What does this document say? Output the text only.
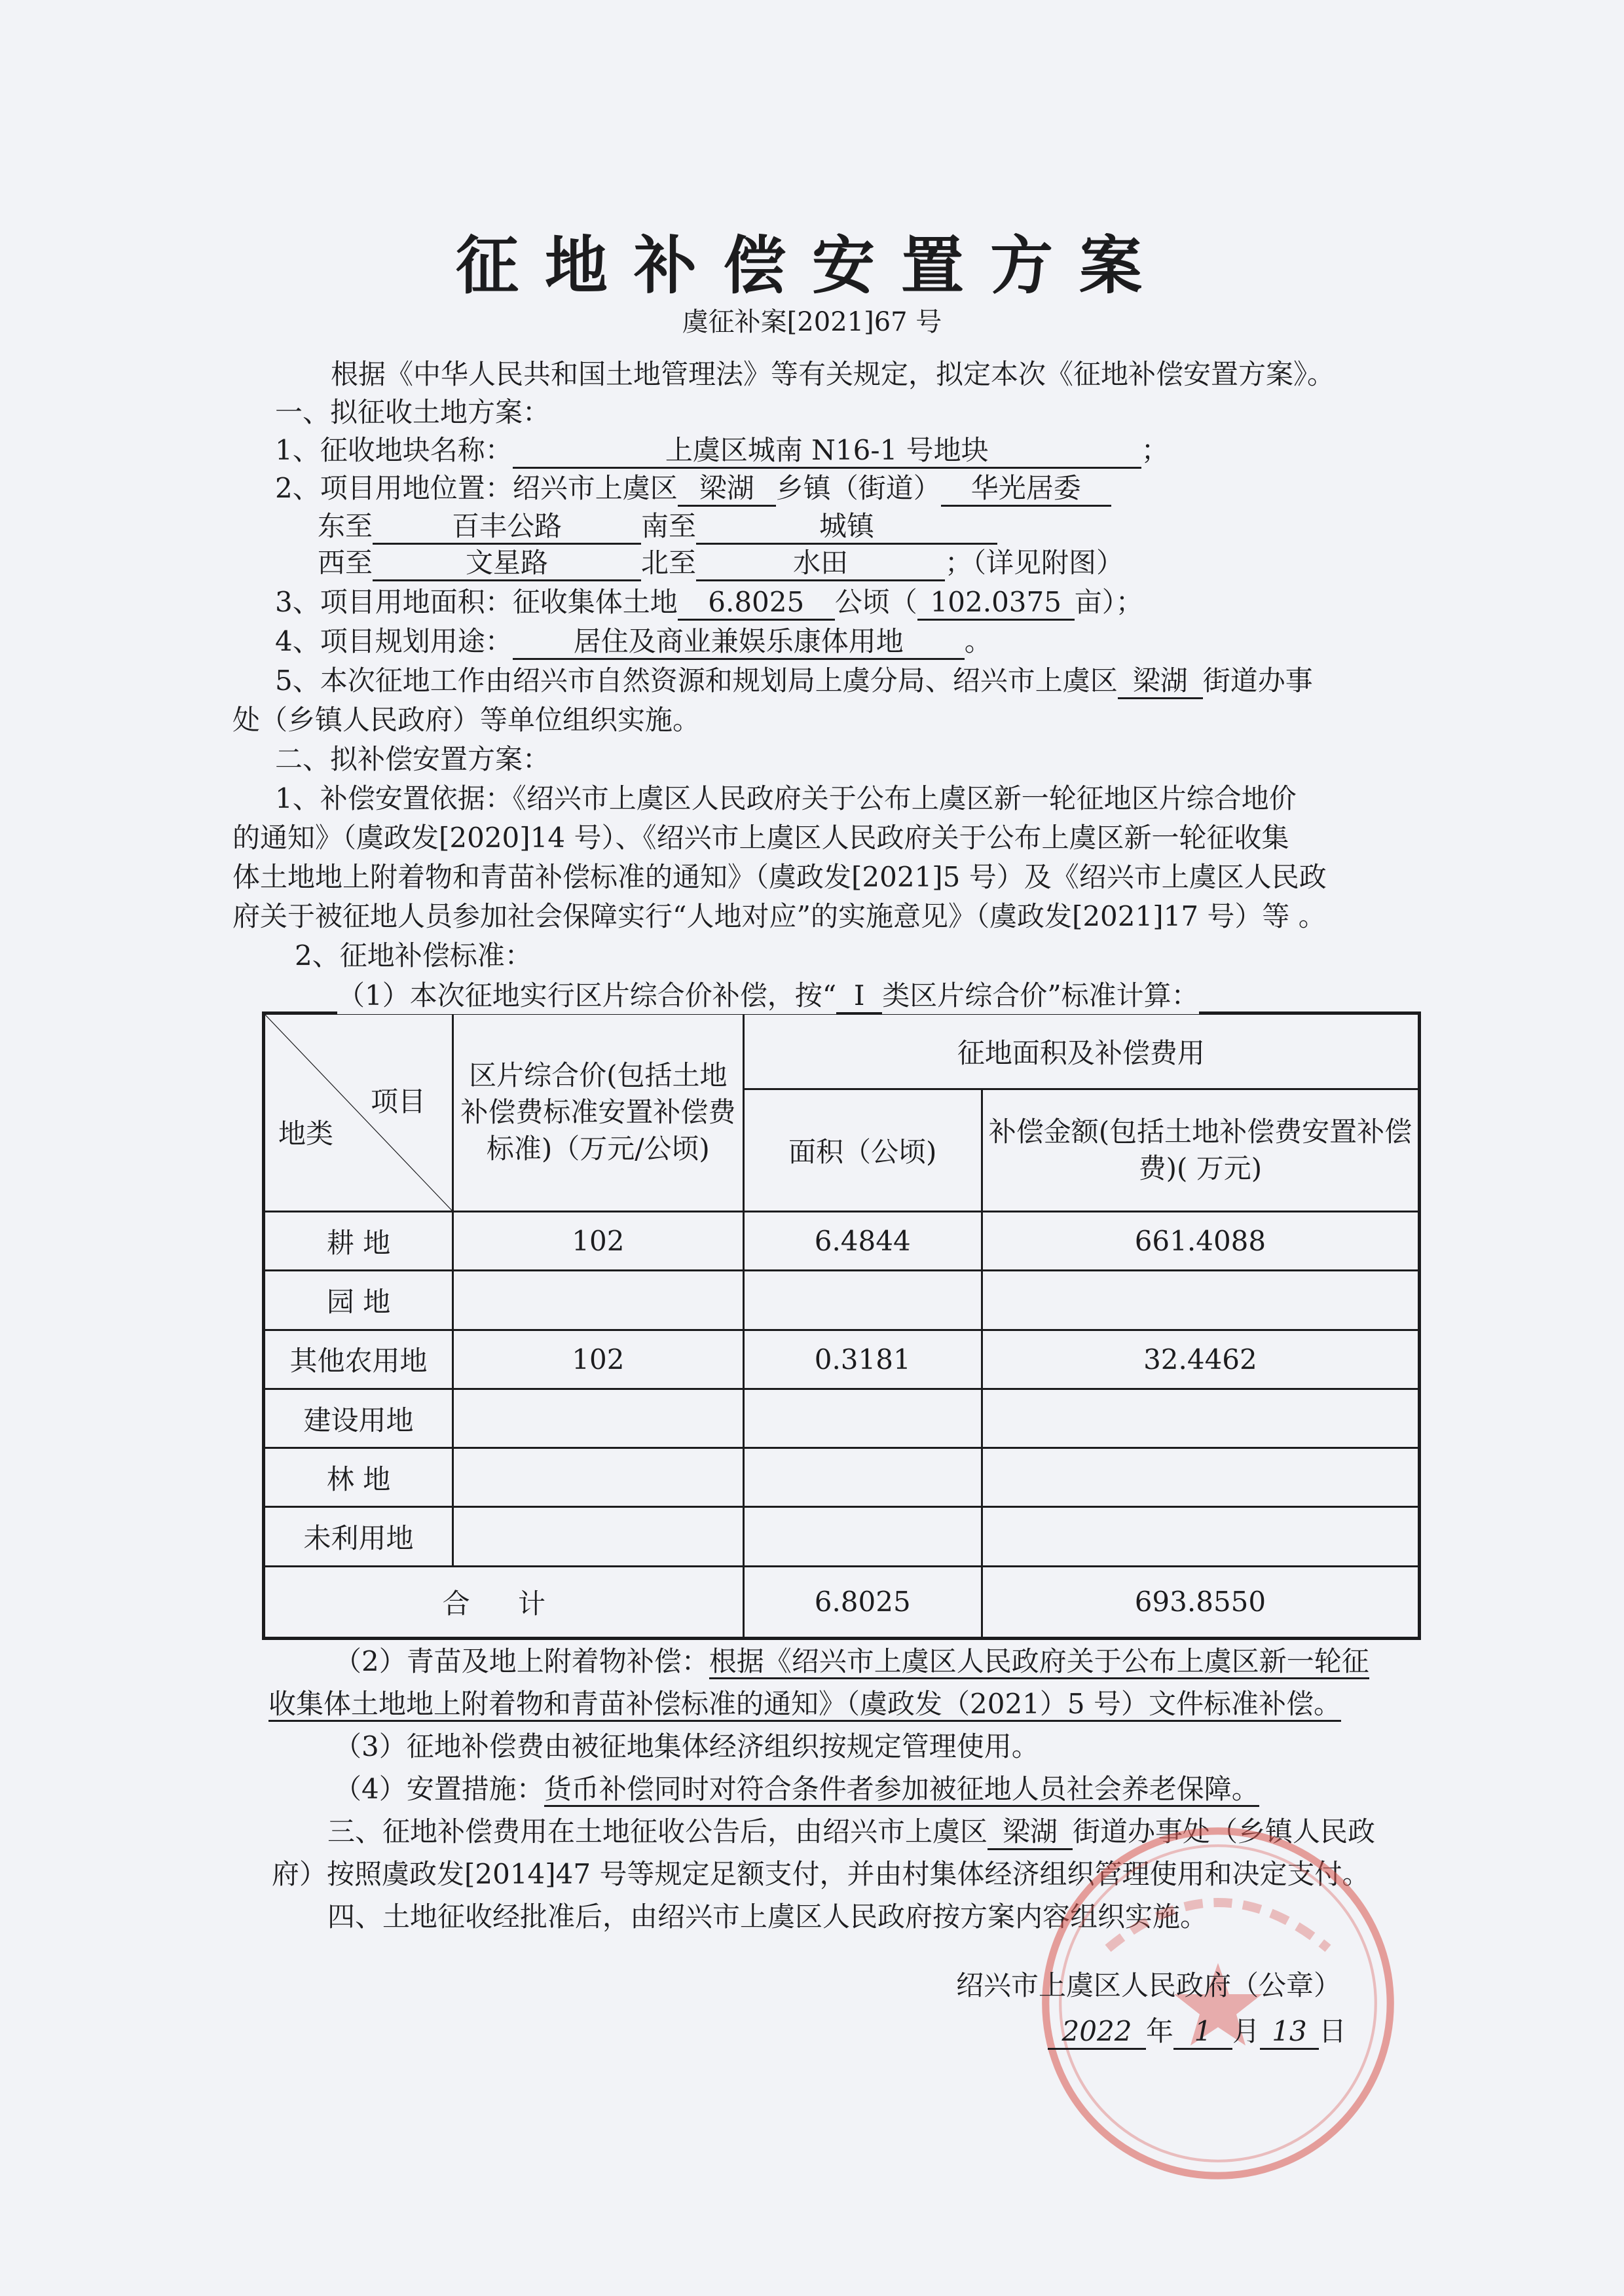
征地补偿安置方案
虞征补案[2021]67 号
根据《中华人民共和国土地管理法》等有关规定，拟定本次《征地补偿安置方案》。
一、拟征收土地方案：
1、征收地块名称：	上虞区城南 N16-1 号地块	；
2、项目用地位置：绍兴市上虞区 梁湖 乡镇（街道） 华光居委
东至	百丰公路	南至	城镇
西至	文星路	北至	水田	；（详见附图）
3、项目用地面积：征收集体土地 6.8025 公顷（ 102.0375 亩）；
4、项目规划用途： 居住及商业兼娱乐康体用地 。
5、本次征地工作由绍兴市自然资源和规划局上虞分局、绍兴市上虞区 梁湖 街道办事
处（乡镇人民政府）等单位组织实施。
二、拟补偿安置方案：
1、补偿安置依据：《绍兴市上虞区人民政府关于公布上虞区新一轮征地区片综合地价
的通知》（虞政发[2020]14 号）、《绍兴市上虞区人民政府关于公布上虞区新一轮征收集
体土地地上附着物和青苗补偿标准的通知》（虞政发[2021]5 号）及《绍兴市上虞区人民政
府关于被征地人员参加社会保障实行“人地对应”的实施意见》（虞政发[2021]17 号）等 。
2、征地补偿标准：
项目
地类	区片综合价(包括土地补偿费标准安置补偿费标准)（万元/公顷)	征地面积及补偿费用	
		面积（公顷)	补偿金额(包括土地补偿费安置补偿费)( 万元)
耕 地	102	6.4844	661.4088
园 地			
其他农用地	102	0.3181	32.4462
建设用地			
林 地			
未利用地			
合 计		6.8025	693.8550
（2）青苗及地上附着物补偿：根据《绍兴市上虞区人民政府关于公布上虞区新一轮征
收集体土地地上附着物和青苗补偿标准的通知》（虞政发（2021）5 号）文件标准补偿。
（3）征地补偿费由被征地集体经济组织按规定管理使用。
（4）安置措施：货币补偿同时对符合条件者参加被征地人员社会养老保障。
三、征地补偿费用在土地征收公告后，由绍兴市上虞区 梁湖 街道办事处（乡镇人民政
府）按照虞政发[2014]47 号等规定足额支付，并由村集体经济组织管理使用和决定支付。
四、土地征收经批准后，由绍兴市上虞区人民政府按方案内容组织实施。
绍兴市上虞区人民政府（公章）
2022 年 1 月 13 日
（1）本次征地实行区片综合价补偿，按“ I 类区片综合价”标准计算：
